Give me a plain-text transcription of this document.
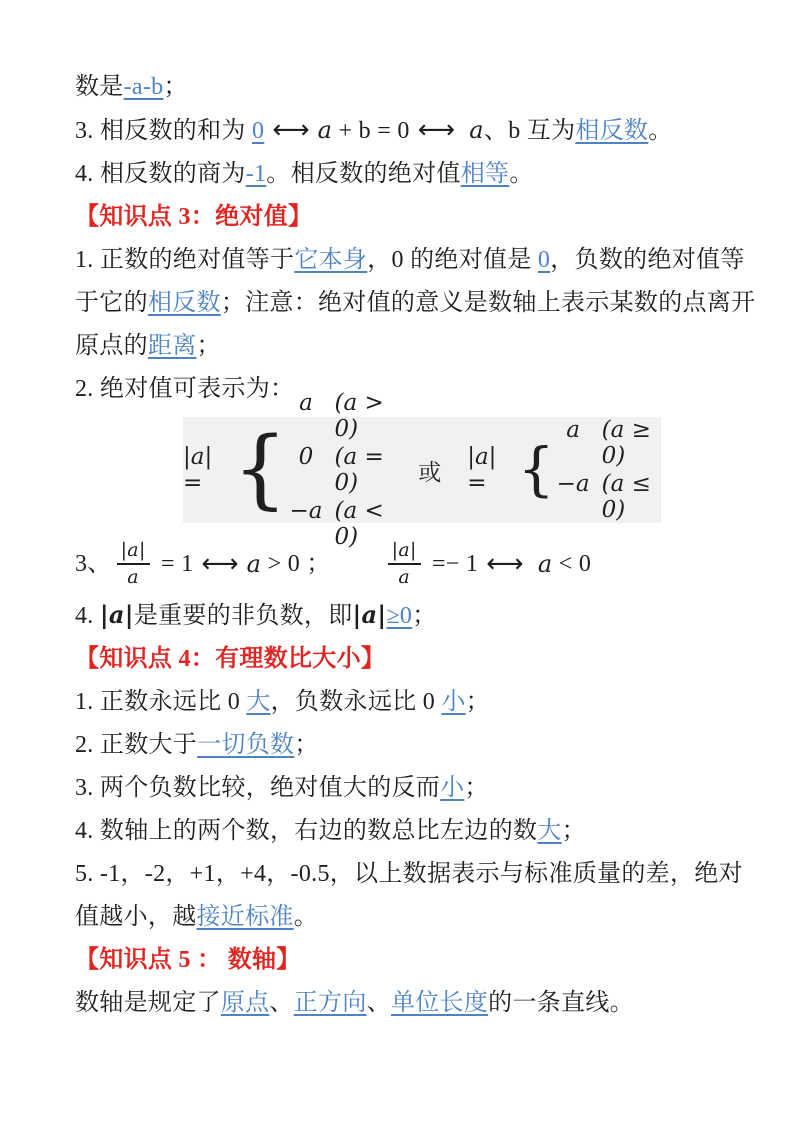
数是-a-b；
3. 相反数的和为 0 ⟷ a + b = 0 ⟷ a、b 互为相反数。
4. 相反数的商为-1。相反数的绝对值相等。
【知识点 3：绝对值】
1. 正数的绝对值等于它本身，0 的绝对值是 0，负数的绝对值等
于它的相反数；注意：绝对值的意义是数轴上表示某数的点离开
原点的距离；
2. 绝对值可表示为：
|a| = {
a (a > 0)
0 (a = 0)
−a (a < 0)
或
|a| = {
a (a ≥ 0)
−a (a ≤ 0)
3、 $\frac{|a|}{a} = 1$ ⟷ a > 0 ；	$\frac{|a|}{a} =- 1$ ⟷
a < 0
4. |a|是重要的非负数，即|a|≥0；
【知识点 4：有理数比大小】
1. 正数永远比 0 大，负数永远比 0 小；
2. 正数大于一切负数；
3. 两个负数比较，绝对值大的反而小；
4. 数轴上的两个数，右边的数总比左边的数大；
5. -1，-2，+1，+4，-0.5，以上数据表示与标准质量的差，绝对
值越小，越接近标准。
【知识点 5 ： 数轴】
数轴是规定了原点、正方向、单位长度的一条直线。
